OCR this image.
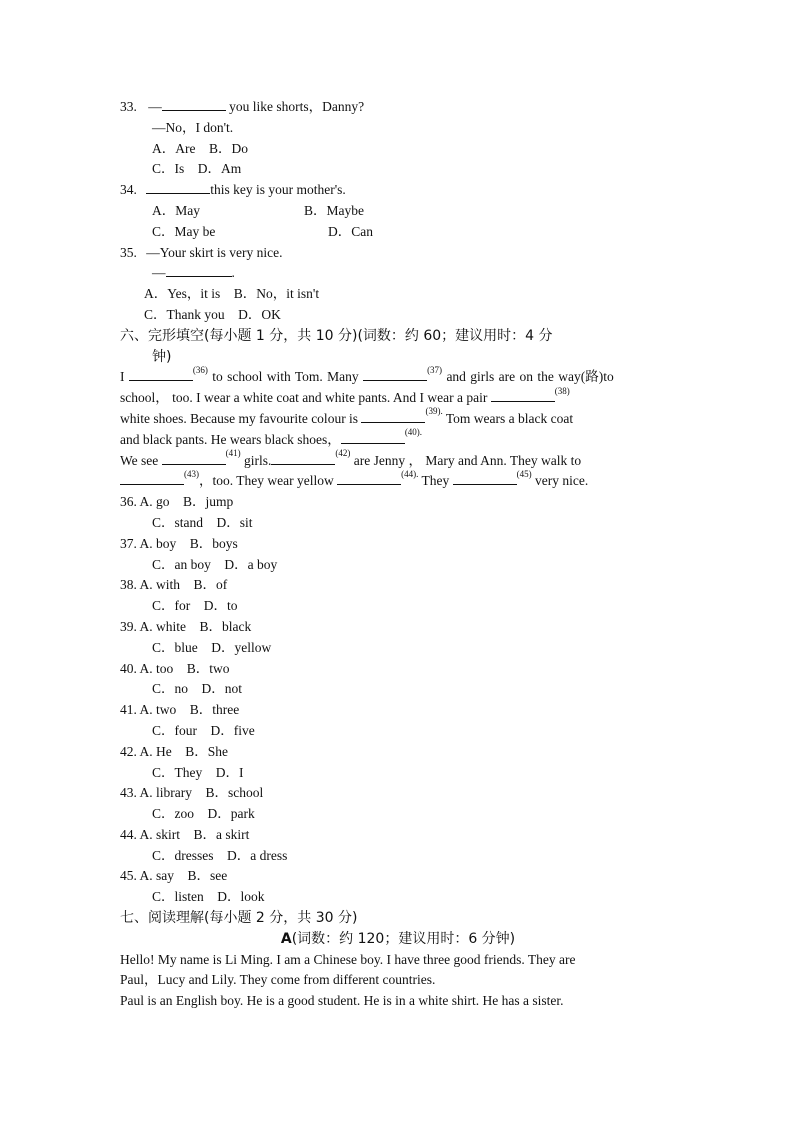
33. —	you like shorts，Danny?
—No，I don't.
A．Are    B．Do
C．Is    D．Am
34.	this key is your mother's.
A．May	B．Maybe
C．May be	D．Can
35. —Your skirt is very nice.
—	.
A．Yes，it is    B．No，it isn't
C．Thank you    D．OK
六、完形填空(每小题 1 分，共 10 分)(词数：约 60；建议用时：4 分
钟)
I	$^{(36)}$ to school with Tom. Many	$^{(37)}$ and girls are on the way(路)to
school， too. I wear a white coat and white pants. And I wear a pair	$^{(38)}$
white shoes. Because my favourite colour is	$^{(39).}$ Tom wears a black coat
and black pants. He wears black shoes，	$^{(40).}$
We see	$^{(41)}$ girls.	$^{(42)}$ are Jenny ， Mary and Ann. They walk to
$^{(43)}$，too. They wear yellow	$^{(44).}$ They	$^{(45)}$ very nice.
36. A. go    B．jump
C．stand    D．sit
37. A. boy    B．boys
C．an boy    D．a boy
38. A. with    B．of
C．for    D．to
39. A. white    B．black
C．blue    D．yellow
40. A. too    B．two
C．no    D．not
41. A. two    B．three
C．four    D．five
42. A. He    B．She
C．They    D．I
43. A. library    B．school
C．zoo    D．park
44. A. skirt    B．a skirt
C．dresses    D．a dress
45. A. say    B．see
C．listen    D．look
七、阅读理解(每小题 2 分，共 30 分)
A(词数：约 120；建议用时：6 分钟)
Hello! My name is Li Ming. I am a Chinese boy. I have three good friends. They are
Paul，Lucy and Lily. They come from different countries.
Paul is an English boy. He is a good student. He is in a white shirt. He has a sister.
